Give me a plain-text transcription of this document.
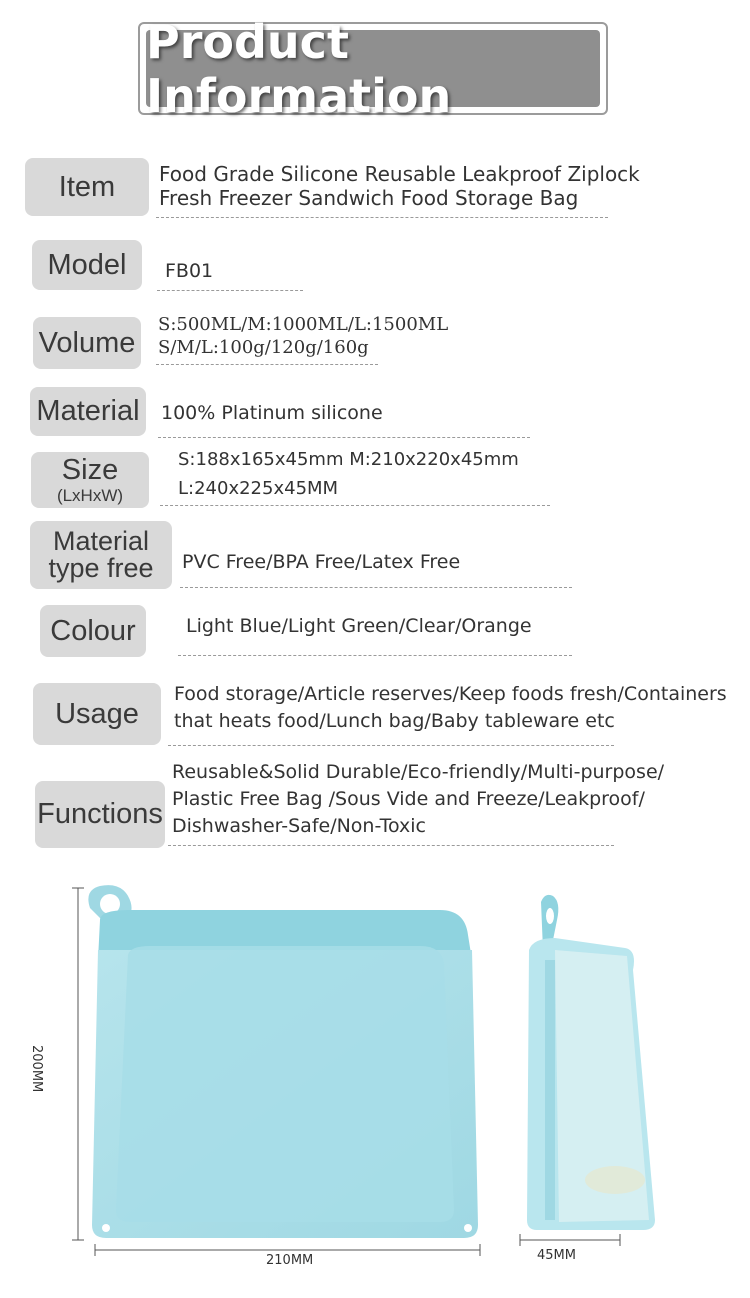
Product Information
Item Food Grade Silicone Reusable Leakproof Ziplock
Fresh Freezer Sandwich Food Storage Bag
Model FB01
Volume
S:500ML/M:1000ML/L:1500ML
S/M/L:100g/120g/160g
Material 100% Platinum silicone
Size
(LxHxW)
S:188x165x45mm M:210x220x45mm
L:240x225x45MM
Material
type free PVC Free/BPA Free/Latex Free
Colour	Light Blue/Light Green/Clear/Orange
Usage
Food storage/Article reserves/Keep foods fresh/Containers
that heats food/Lunch bag/Baby tableware etc
Functions
Reusable&Solid Durable/Eco-friendly/Multi-purpose/
Plastic Free Bag /Sous Vide and Freeze/Leakproof/
Dishwasher-Safe/Non-Toxic
200MM
210MM	45MM
